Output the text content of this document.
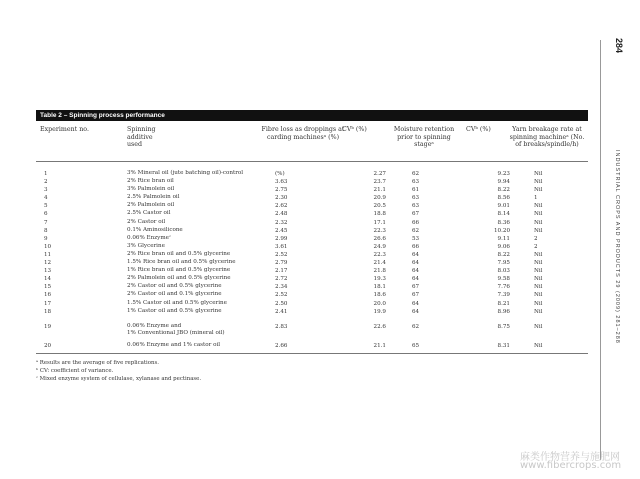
284
INDUSTRIAL CROPS AND PRODUCTS 29 (2009) 281–288
Table 2 – Spinning process performance
Experiment no.	Spinning
additive
used
Fibre loss as droppings at
carding machinesᵃ (%)
CVᵇ (%)	Moisture retention
prior to spinning
stageᵃ
CVᵇ (%)	Yarn breakage rate at
spinning machineᵃ (No.
of breaks/spindle/h)
1	3% Mineral oil (jute batching oil)-control	(%)	2.27	62	9.23	Nil
2	2% Rice bran oil	3.63	23.7	63	9.94	Nil
3	3% Palmolein oil	2.75	21.1	61	8.22	Nil
4	2.5% Palmolein oil	2.30	20.9	63	8.56	1
5	2% Palmolein oil	2.62	20.5	63	9.01	Nil
6	2.5% Castor oil	2.48	18.8	67	8.14	Nil
7	2% Castor oil	2.32	17.1	66	8.36	Nil
8	0.1% Aminosilicone	2.45	22.3	62	10.20	Nil
9	0.06% Enzymeᶜ	2.99	26.6	53	9.11	2
10	3% Glycerine	3.61	24.9	66	9.06	2
11	2% Rice bran oil and 0.5% glycerine	2.52	22.3	64	8.22	Nil
12	1.5% Rice bran oil and 0.5% glycerine	2.79	21.4	64	7.95	Nil
13	1% Rice bran oil and 0.5% glycerine	2.17	21.8	64	8.03	Nil
14	2% Palmolein oil and 0.5% glycerine	2.72	19.3	64	9.58	Nil
15	2% Castor oil and 0.5% glycerine	2.34	18.1	67	7.76	Nil
16	2% Castor oil and 0.1% glycerine	2.52	18.6	67	7.39	Nil
17	1.5% Castor oil and 0.5% glycerine	2.50	20.0	64	8.21	Nil
18	1% Castor oil and 0.5% glycerine	2.41	19.9	64	8.96	Nil
19	0.06% Enzyme and
1% Conventional JBO (mineral oil)
2.83	22.6	62	8.75	Nil
20	0.06% Enzyme and 1% castor oil	2.66	21.1	65	8.31	Nil
ᵃ Results are the average of five replications.
ᵇ CV: coefficient of variance.
ᶜ Mixed enzyme system of cellulase, xylanase and pectinase.
麻类作物营养与施肥网
www.fibercrops.com
